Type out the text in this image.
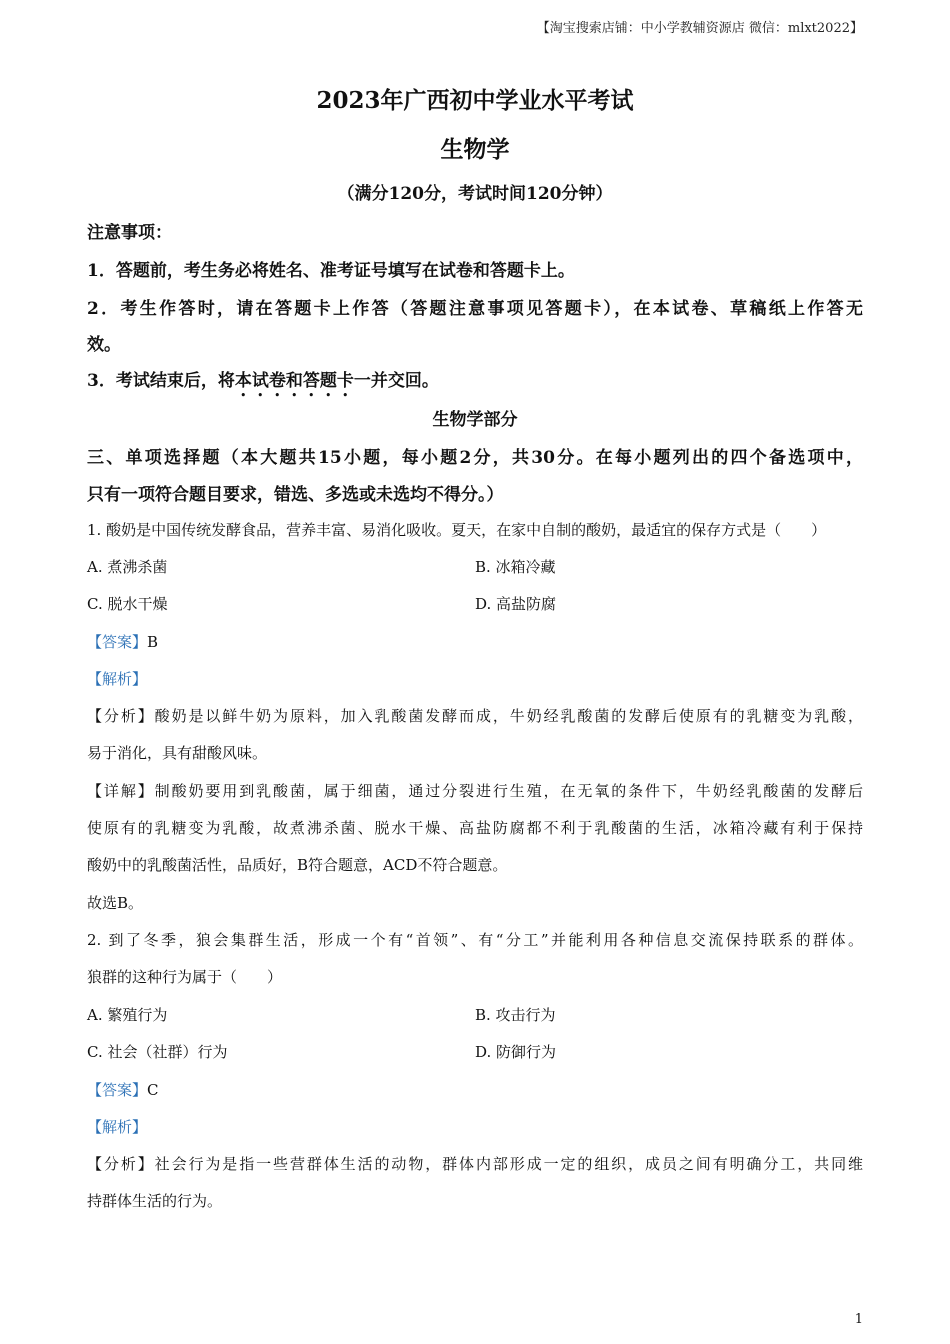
【淘宝搜索店铺：中小学教辅资源店 微信：mlxt2022】
2023年广西初中学业水平考试
生物学
（满分120分，考试时间120分钟）
注意事项：
1．答题前，考生务必将姓名、准考证号填写在试卷和答题卡上。
2．考生作答时，请在答题卡上作答（答题注意事项见答题卡），在本试卷、草稿纸上作答无
效。
3．考试结束后，将本试卷和答题卡一并交回。
生物学部分
三、单项选择题（本大题共15小题，每小题2分，共30分。在每小题列出的四个备选项中，
只有一项符合题目要求，错选、多选或未选均不得分。）
1. 酸奶是中国传统发酵食品，营养丰富、易消化吸收。夏天，在家中自制的酸奶，最适宜的保存方式是（　　）
A. 煮沸杀菌	B. 冰箱冷藏
C. 脱水干燥	D. 高盐防腐
【答案】B
【解析】
【分析】酸奶是以鲜牛奶为原料，加入乳酸菌发酵而成，牛奶经乳酸菌的发酵后使原有的乳糖变为乳酸，
易于消化，具有甜酸风味。
【详解】制酸奶要用到乳酸菌，属于细菌，通过分裂进行生殖，在无氧的条件下，牛奶经乳酸菌的发酵后
使原有的乳糖变为乳酸，故煮沸杀菌、脱水干燥、高盐防腐都不利于乳酸菌的生活，冰箱冷藏有利于保持
酸奶中的乳酸菌活性，品质好，B符合题意，ACD不符合题意。
故选B。
2. 到了冬季，狼会集群生活，形成一个有“首领”、有“分工”并能利用各种信息交流保持联系的群体。
狼群的这种行为属于（　　）
A. 繁殖行为	B. 攻击行为
C. 社会（社群）行为	D. 防御行为
【答案】C
【解析】
【分析】社会行为是指一些营群体生活的动物，群体内部形成一定的组织，成员之间有明确分工，共同维
持群体生活的行为。
1
